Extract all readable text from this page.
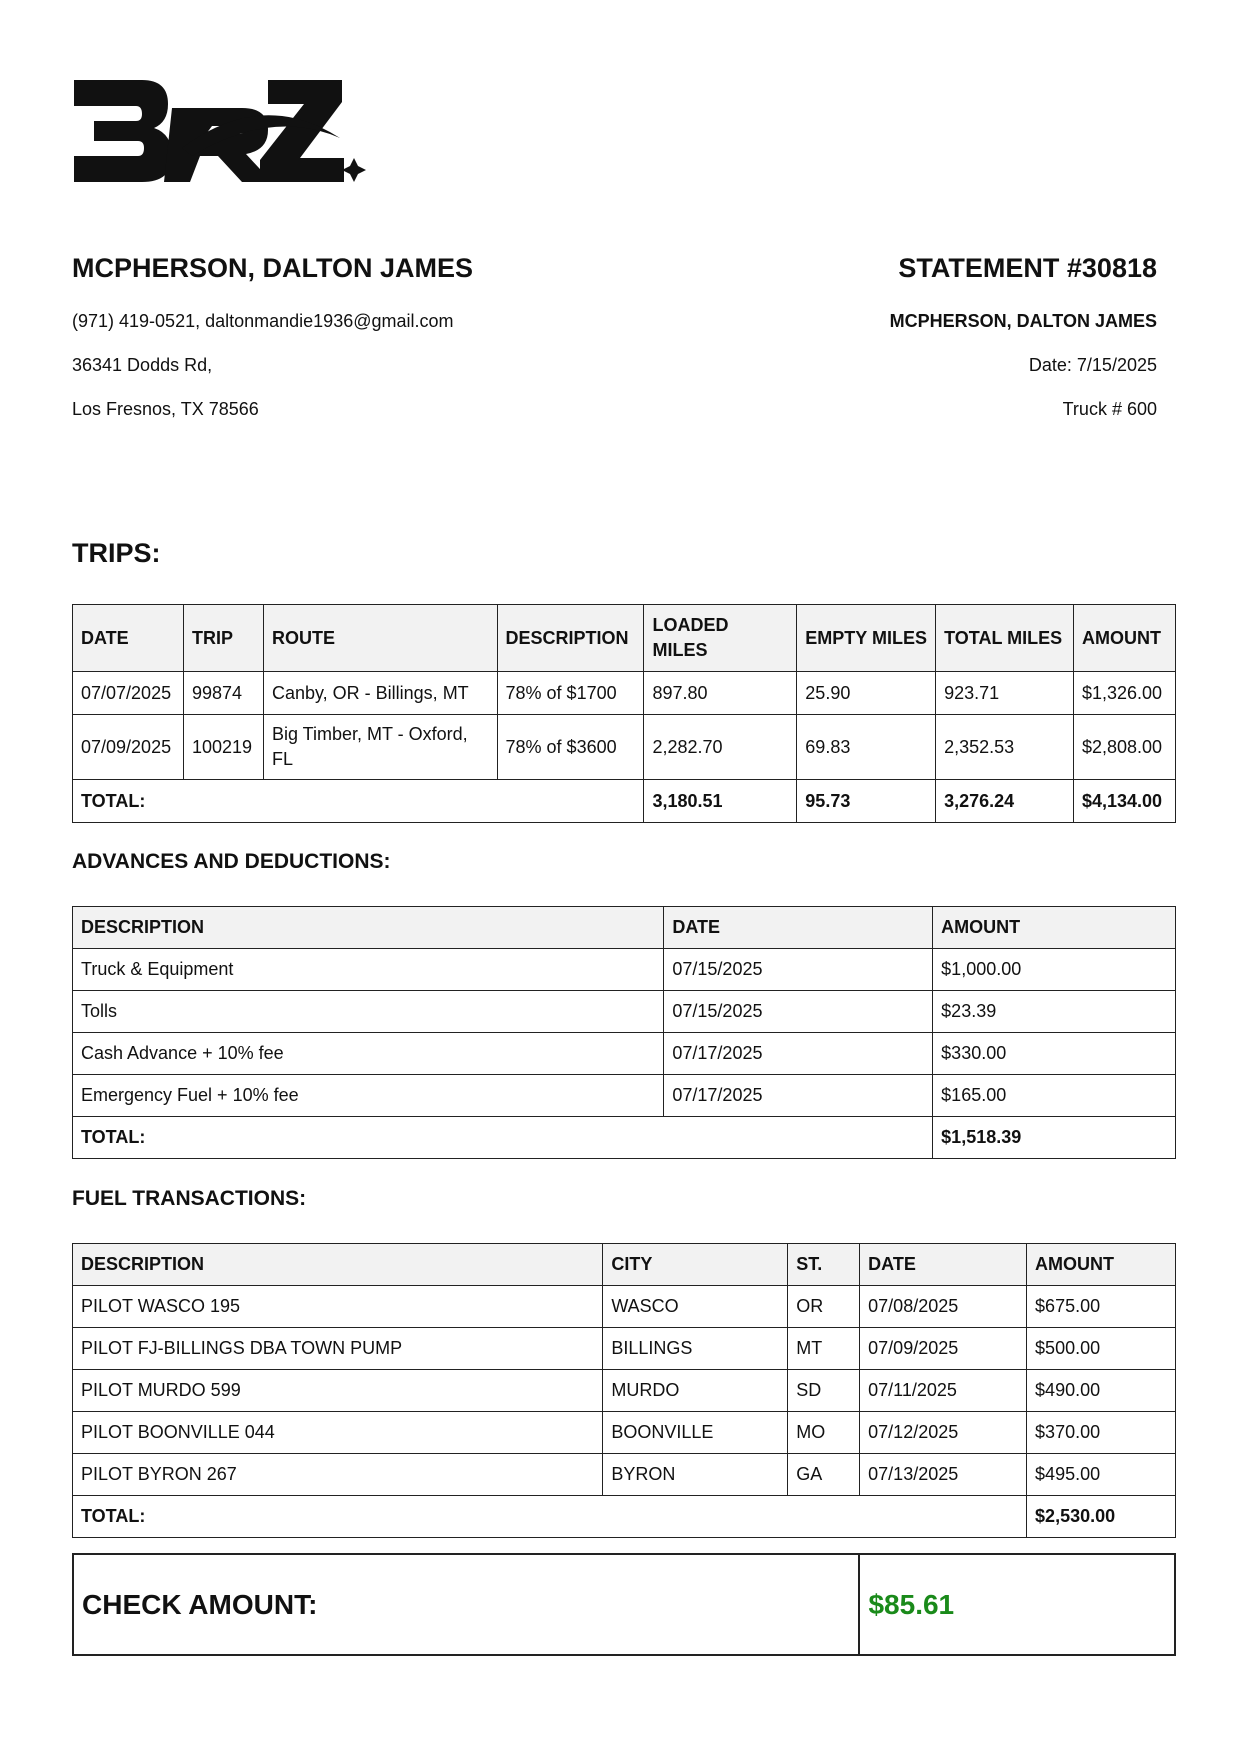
MCPHERSON, DALTON JAMES
(971) 419-0521, daltonmandie1936@gmail.com
36341 Dodds Rd,
Los Fresnos, TX 78566
STATEMENT #30818
MCPHERSON, DALTON JAMES
Date: 7/15/2025
Truck # 600
TRIPS:
DATE	TRIP	ROUTE	DESCRIPTION	LOADED MILES	EMPTY MILES	TOTAL MILES	AMOUNT
07/07/2025	99874	Canby, OR - Billings, MT	78% of $1700	897.80	25.90	923.71	$1,326.00
07/09/2025	100219	Big Timber, MT - Oxford, FL	78% of $3600	2,282.70	69.83	2,352.53	$2,808.00
TOTAL:				3,180.51	95.73	3,276.24	$4,134.00
ADVANCES AND DEDUCTIONS:
DESCRIPTION	DATE	AMOUNT
Truck & Equipment	07/15/2025	$1,000.00
Tolls	07/15/2025	$23.39
Cash Advance + 10% fee	07/17/2025	$330.00
Emergency Fuel + 10% fee	07/17/2025	$165.00
TOTAL:		$1,518.39
FUEL TRANSACTIONS:
DESCRIPTION	CITY	ST.	DATE	AMOUNT
PILOT WASCO 195	WASCO	OR	07/08/2025	$675.00
PILOT FJ-BILLINGS DBA TOWN PUMP	BILLINGS	MT	07/09/2025	$500.00
PILOT MURDO 599	MURDO	SD	07/11/2025	$490.00
PILOT BOONVILLE 044	BOONVILLE	MO	07/12/2025	$370.00
PILOT BYRON 267	BYRON	GA	07/13/2025	$495.00
TOTAL:				$2,530.00
CHECK AMOUNT:	$85.61
